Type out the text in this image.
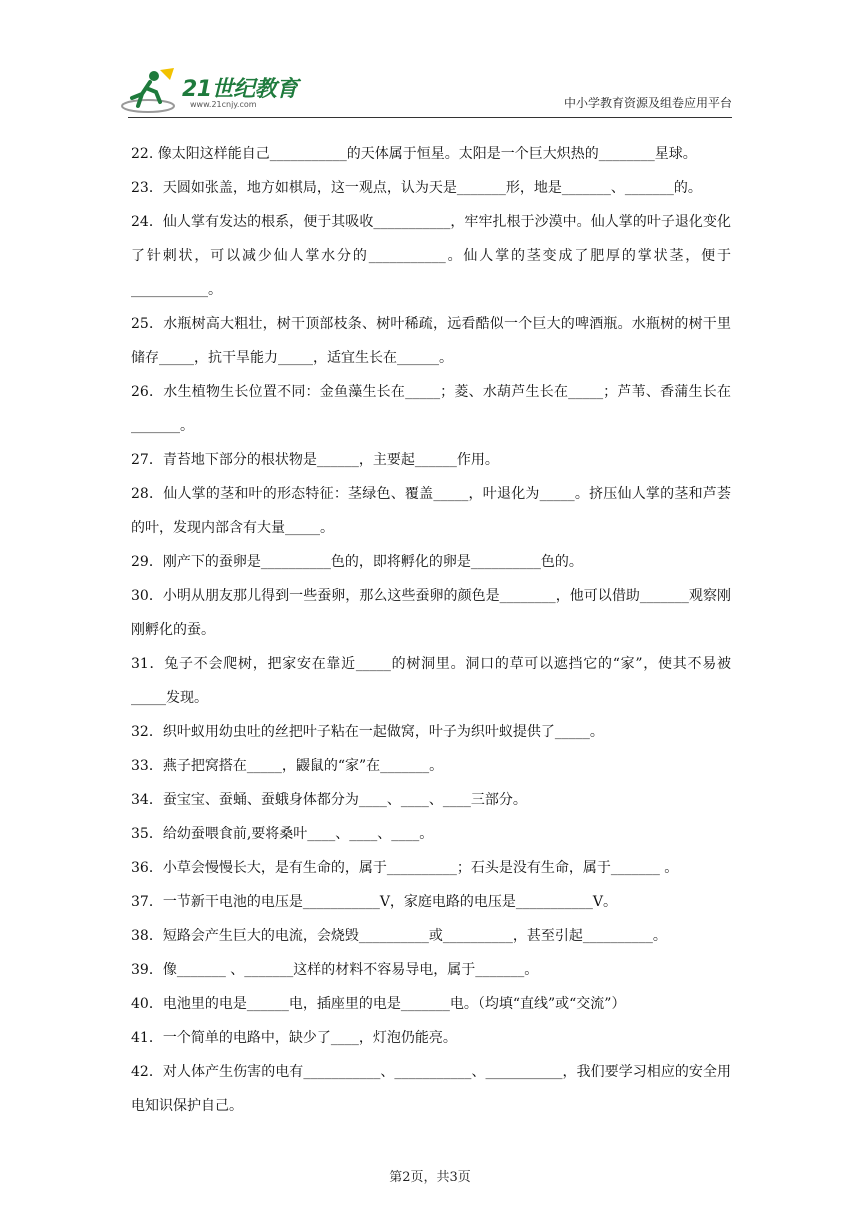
21世纪教育
www.21cnjy.com	中小学教育资源及组卷应用平台

22. 像太阳这样能自己___________的天体属于恒星。太阳是一个巨大炽热的________星球。

23．天圆如张盖，地方如棋局，这一观点，认为天是_______形，地是_______、_______的。

24．仙人掌有发达的根系，便于其吸收___________，牢牢扎根于沙漠中。仙人掌的叶子退化变化了针刺状，可以减少仙人掌水分的___________。仙人掌的茎变成了肥厚的掌状茎，便于___________。

25．水瓶树高大粗壮，树干顶部枝条、树叶稀疏，远看酷似一个巨大的啤酒瓶。水瓶树的树干里储存_____，抗干旱能力_____，适宜生长在______。

26．水生植物生长位置不同：金鱼藻生长在_____；菱、水葫芦生长在_____；芦苇、香蒲生长在_______。

27．青苔地下部分的根状物是______，主要起______作用。

28．仙人掌的茎和叶的形态特征：茎绿色、覆盖_____，叶退化为_____。挤压仙人掌的茎和芦荟的叶，发现内部含有大量_____。

29．刚产下的蚕卵是__________色的，即将孵化的卵是__________色的。

30．小明从朋友那儿得到一些蚕卵，那么这些蚕卵的颜色是________，他可以借助_______观察刚刚孵化的蚕。

31．兔子不会爬树，把家安在靠近_____的树洞里。洞口的草可以遮挡它的“家”，使其不易被_____发现。

32．织叶蚁用幼虫吐的丝把叶子粘在一起做窝，叶子为织叶蚁提供了_____。

33．燕子把窝搭在_____，鼹鼠的“家”在_______。

34．蚕宝宝、蚕蛹、蚕蛾身体都分为____、____、____三部分。

35．给幼蚕喂食前,要将桑叶____、____、____。

36．小草会慢慢长大，是有生命的，属于__________；石头是没有生命，属于_______ 。

37．一节新干电池的电压是___________V，家庭电路的电压是___________V。

38．短路会产生巨大的电流，会烧毁__________或__________，甚至引起__________。

39．像_______ 、_______这样的材料不容易导电，属于_______。

40．电池里的电是______电，插座里的电是_______电。（均填“直线”或“交流”）

41．一个简单的电路中，缺少了____，灯泡仍能亮。

42．对人体产生伤害的电有___________、___________、___________，我们要学习相应的安全用电知识保护自己。

第2页，共3页
